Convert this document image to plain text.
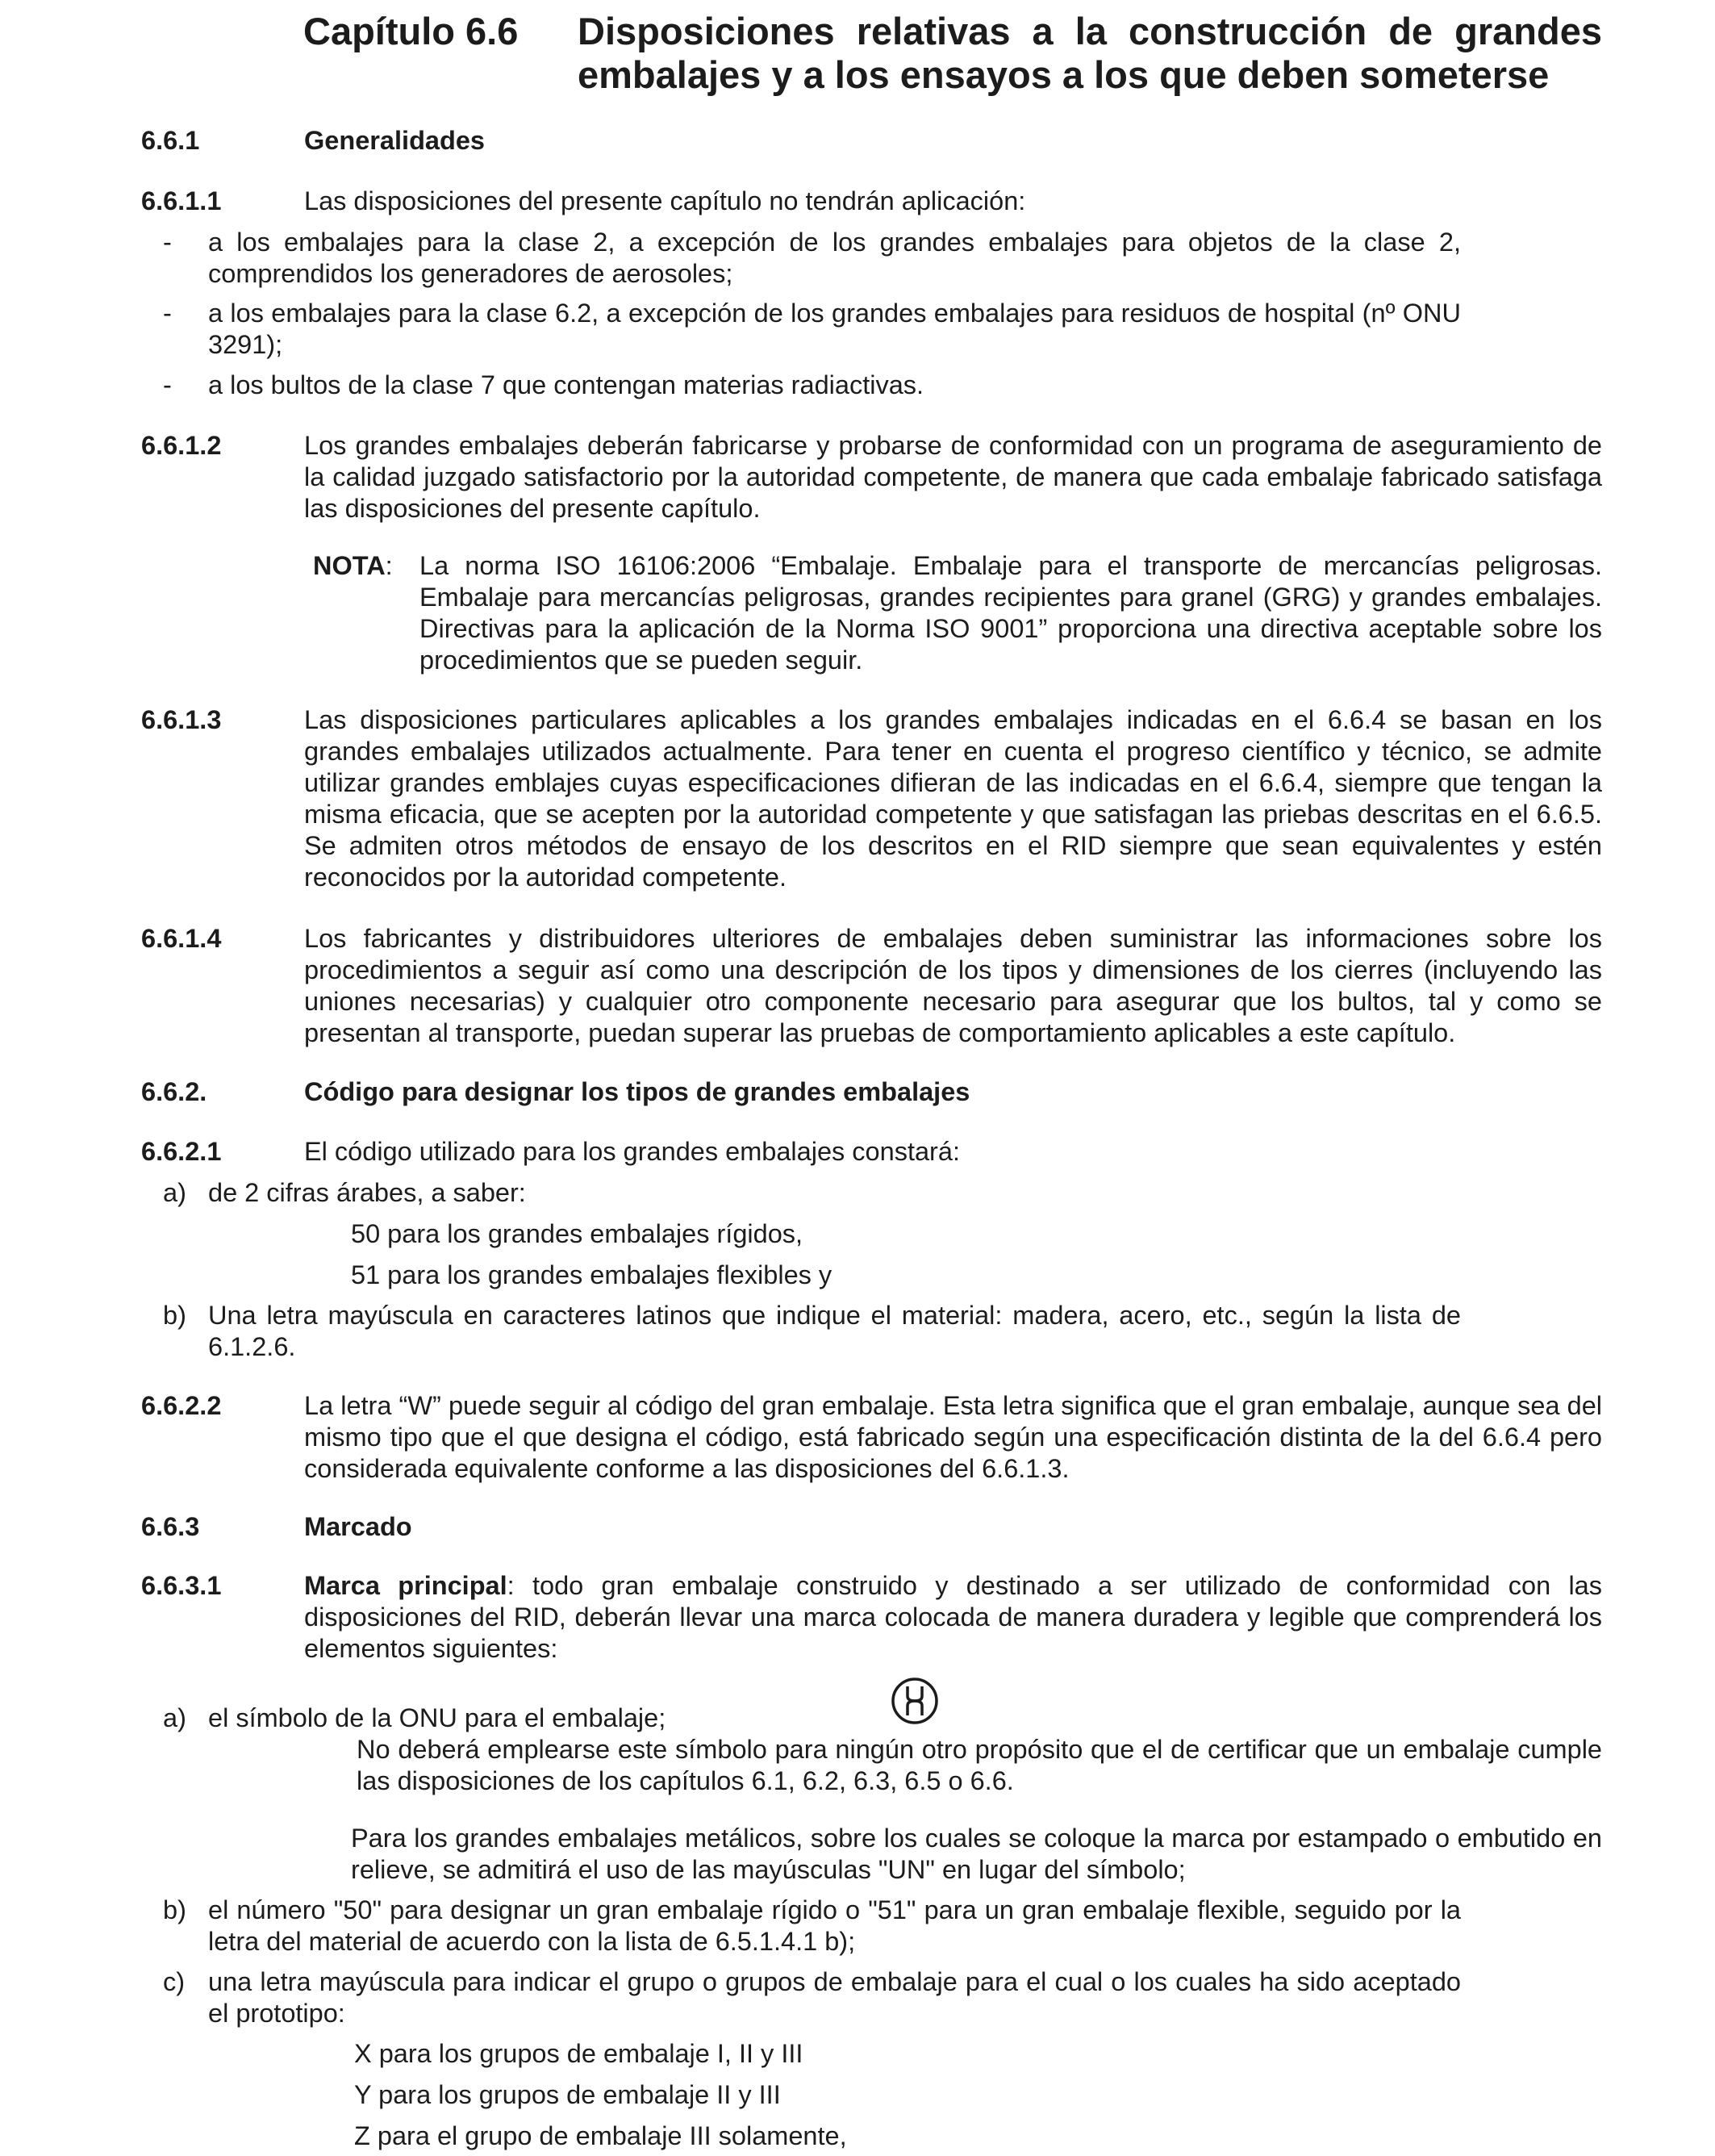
Capítulo 6.6 Disposiciones relativas a la construcción de grandes embalajes y a los ensayos a los que deben someterse
6.6.1	Generalidades
6.6.1.1	Las disposiciones del presente capítulo no tendrán aplicación:
- a los embalajes para la clase 2, a excepción de los grandes embalajes para objetos de la clase 2, comprendidos los generadores de aerosoles;
- a los embalajes para la clase 6.2, a excepción de los grandes embalajes para residuos de hospital (nº ONU 3291);
- a los bultos de la clase 7 que contengan materias radiactivas.
6.6.1.2	Los grandes embalajes deberán fabricarse y probarse de conformidad con un programa de aseguramiento de la calidad juzgado satisfactorio por la autoridad competente, de manera que cada embalaje fabricado satisfaga las disposiciones del presente capítulo.
NOTA: La norma ISO 16106:2006 “Embalaje. Embalaje para el transporte de mercancías peligrosas. Embalaje para mercancías peligrosas, grandes recipientes para granel (GRG) y grandes embalajes. Directivas para la aplicación de la Norma ISO 9001” proporciona una directiva aceptable sobre los procedimientos que se pueden seguir.
6.6.1.3	Las disposiciones particulares aplicables a los grandes embalajes indicadas en el 6.6.4 se basan en los grandes embalajes utilizados actualmente. Para tener en cuenta el progreso científico y técnico, se admite utilizar grandes emblajes cuyas especificaciones difieran de las indicadas en el 6.6.4, siempre que tengan la misma eficacia, que se acepten por la autoridad competente y que satisfagan las priebas descritas en el 6.6.5. Se admiten otros métodos de ensayo de los descritos en el RID siempre que sean equivalentes y estén reconocidos por la autoridad competente.
6.6.1.4	Los fabricantes y distribuidores ulteriores de embalajes deben suministrar las informaciones sobre los procedimientos a seguir así como una descripción de los tipos y dimensiones de los cierres (incluyendo las uniones necesarias) y cualquier otro componente necesario para asegurar que los bultos, tal y como se presentan al transporte, puedan superar las pruebas de comportamiento aplicables a este capítulo.
6.6.2.	Código para designar los tipos de grandes embalajes
6.6.2.1	El código utilizado para los grandes embalajes constará:
a) de 2 cifras árabes, a saber:
50 para los grandes embalajes rígidos,
51 para los grandes embalajes flexibles y
b) Una letra mayúscula en caracteres latinos que indique el material: madera, acero, etc., según la lista de 6.1.2.6.
6.6.2.2	La letra “W” puede seguir al código del gran embalaje. Esta letra significa que el gran embalaje, aunque sea del mismo tipo que el que designa el código, está fabricado según una especificación distinta de la del 6.6.4 pero considerada equivalente conforme a las disposiciones del 6.6.1.3.
6.6.3	Marcado
6.6.3.1	Marca principal: todo gran embalaje construido y destinado a ser utilizado de conformidad con las disposiciones del RID, deberán llevar una marca colocada de manera duradera y legible que comprenderá los elementos siguientes:
a) el símbolo de la ONU para el embalaje;
No deberá emplearse este símbolo para ningún otro propósito que el de certificar que un embalaje cumple las disposiciones de los capítulos 6.1, 6.2, 6.3, 6.5 o 6.6.
Para los grandes embalajes metálicos, sobre los cuales se coloque la marca por estampado o embutido en relieve, se admitirá el uso de las mayúsculas "UN" en lugar del símbolo;
b) el número "50" para designar un gran embalaje rígido o "51" para un gran embalaje flexible, seguido por la letra del material de acuerdo con la lista de 6.5.1.4.1 b);
c) una letra mayúscula para indicar el grupo o grupos de embalaje para el cual o los cuales ha sido aceptado el prototipo:
X para los grupos de embalaje I, II y III
Y para los grupos de embalaje II y III
Z para el grupo de embalaje III solamente,
